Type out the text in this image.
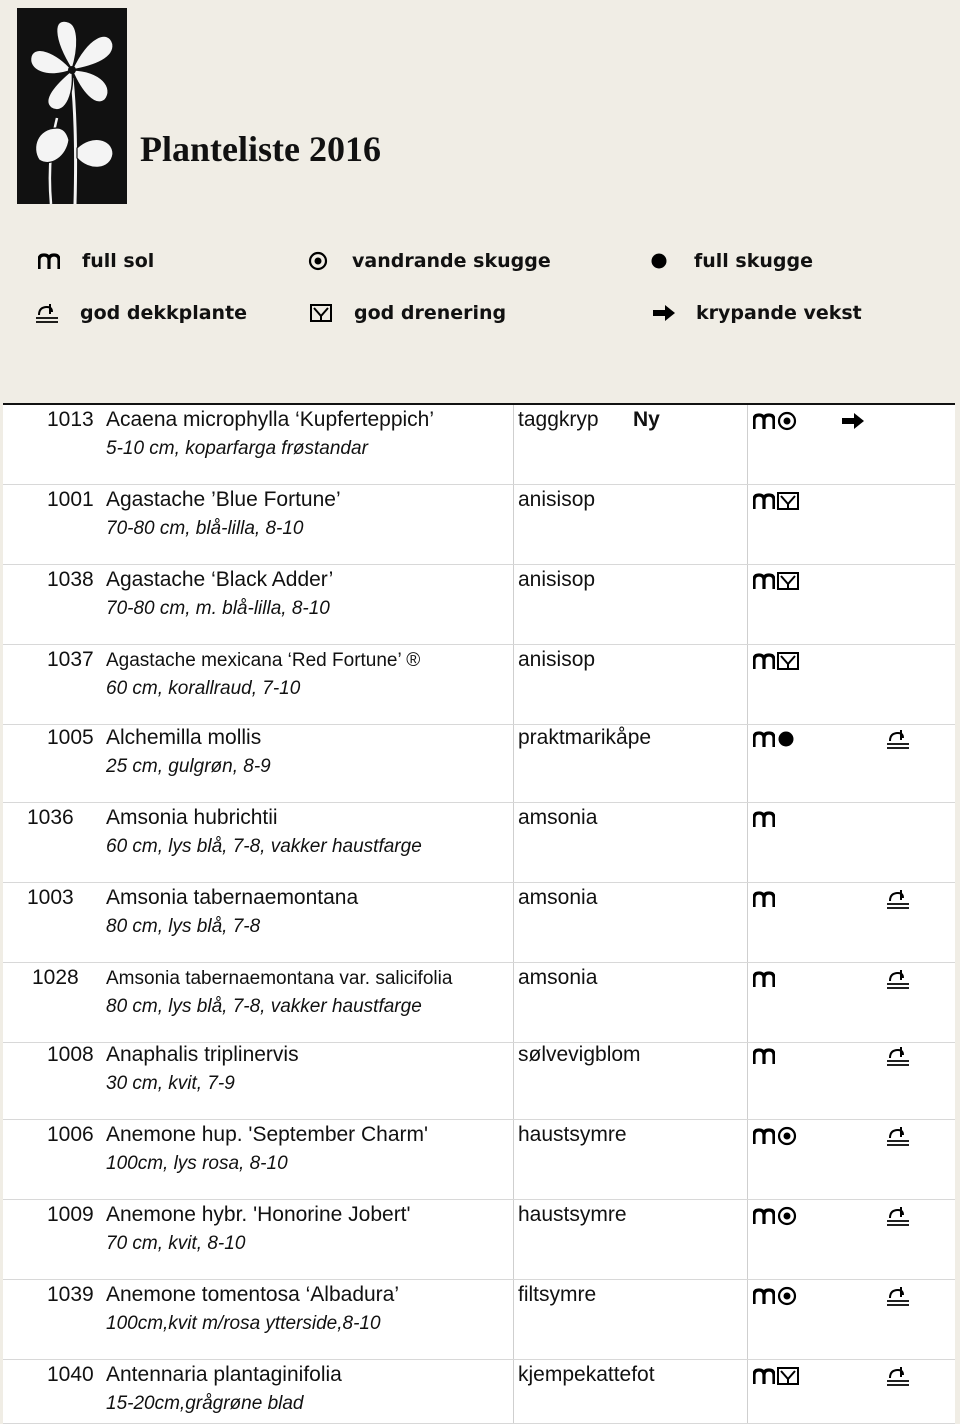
Planteliste 2016
full sol	vandrande skugge	full skugge
god dekkplante	god drenering	krypande vekst
1013 Acaena microphylla ‘Kupferteppich’
5-10 cm, koparfarga frøstandar
taggkryp Ny
1001 Agastache ’Blue Fortune’
70-80 cm, blå-lilla, 8-10
anisisop
1038 Agastache ‘Black Adder’
70-80 cm, m. blå-lilla, 8-10
anisisop
1037 Agastache mexicana ‘Red Fortune’ ®
60 cm, korallraud, 7-10
anisisop
1005 Alchemilla mollis
25 cm, gulgrøn, 8-9
praktmarikåpe
1036 Amsonia hubrichtii
60 cm, lys blå, 7-8, vakker haustfarge
amsonia
1003 Amsonia tabernaemontana
80 cm, lys blå, 7-8
amsonia
1028 Amsonia tabernaemontana var. salicifolia
80 cm, lys blå, 7-8, vakker haustfarge
amsonia
1008 Anaphalis triplinervis
30 cm, kvit, 7-9
sølvevigblom
1006 Anemone hup. 'September Charm'
100cm, lys rosa, 8-10
haustsymre
1009 Anemone hybr. 'Honorine Jobert'
70 cm, kvit, 8-10
haustsymre
1039 Anemone tomentosa ‘Albadura’
100cm,kvit m/rosa ytterside,8-10
filtsymre
1040 Antennaria plantaginifolia
15-20cm,grågrøne blad
kjempekattefot
